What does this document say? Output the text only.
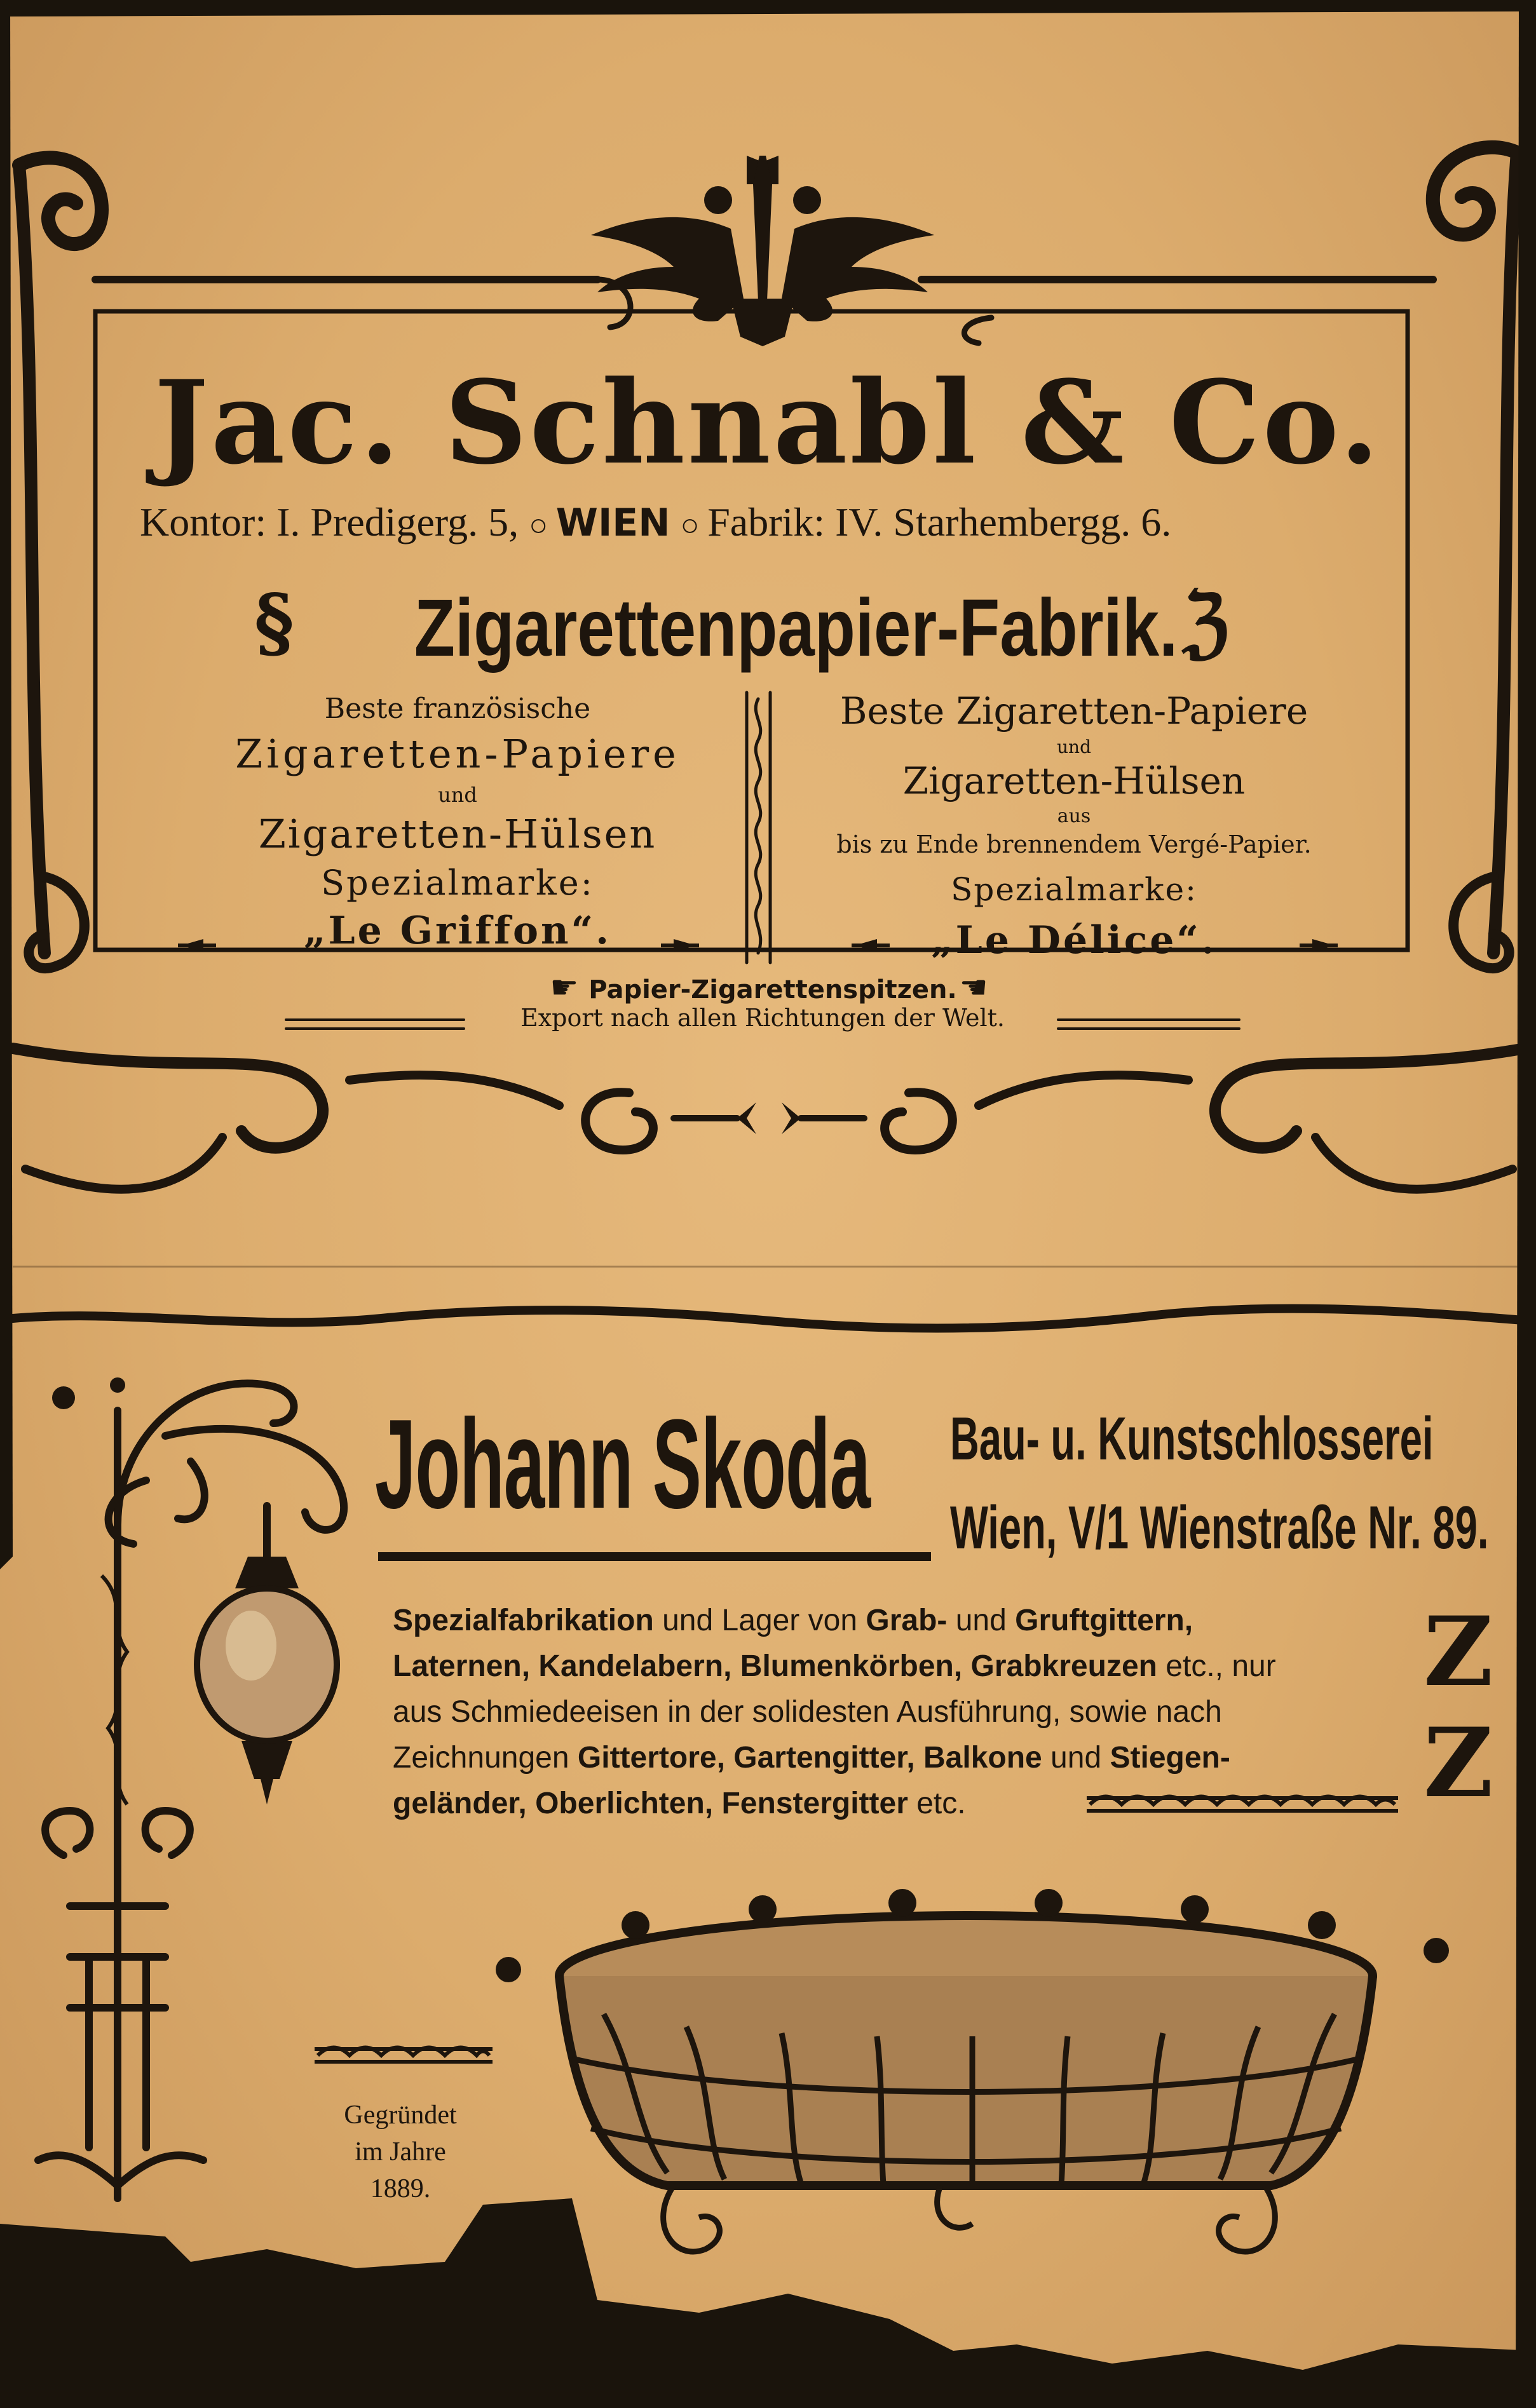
Jac. Schnabl & Co.
Kontor: I. Predigerg. 5, ○ WIEN ○ Fabrik: IV. Starhembergg. 6.
§	ℨ
Zigarettenpapier-Fabrik.
Beste französische
Zigaretten-Papiere
und
Zigaretten-Hülsen
Spezialmarke:
„Le Griffon“.
Beste Zigaretten-Papiere
und
Zigaretten-Hülsen
aus
bis zu Ende brennendem Vergé-Papier.
Spezialmarke:
„Le Délice“.
☛ Papier-Zigarettenspitzen. ☚
Export nach allen Richtungen der Welt.
Johann Skoda	Bau- u. Kunstschlosserei
Wien, V/1 Wienstraße Nr. 89.
Spezialfabrikation und Lager von Grab- und Gruftgittern,
Laternen, Kandelabern, Blumenkörben, Grabkreuzen etc., nur
aus Schmiedeeisen in der solidesten Ausführung, sowie nach
Zeichnungen Gittertore, Gartengitter, Balkone und Stiegen-
geländer, Oberlichten, Fenstergitter etc.
Z
Z
Gegründet
im Jahre
1889.
